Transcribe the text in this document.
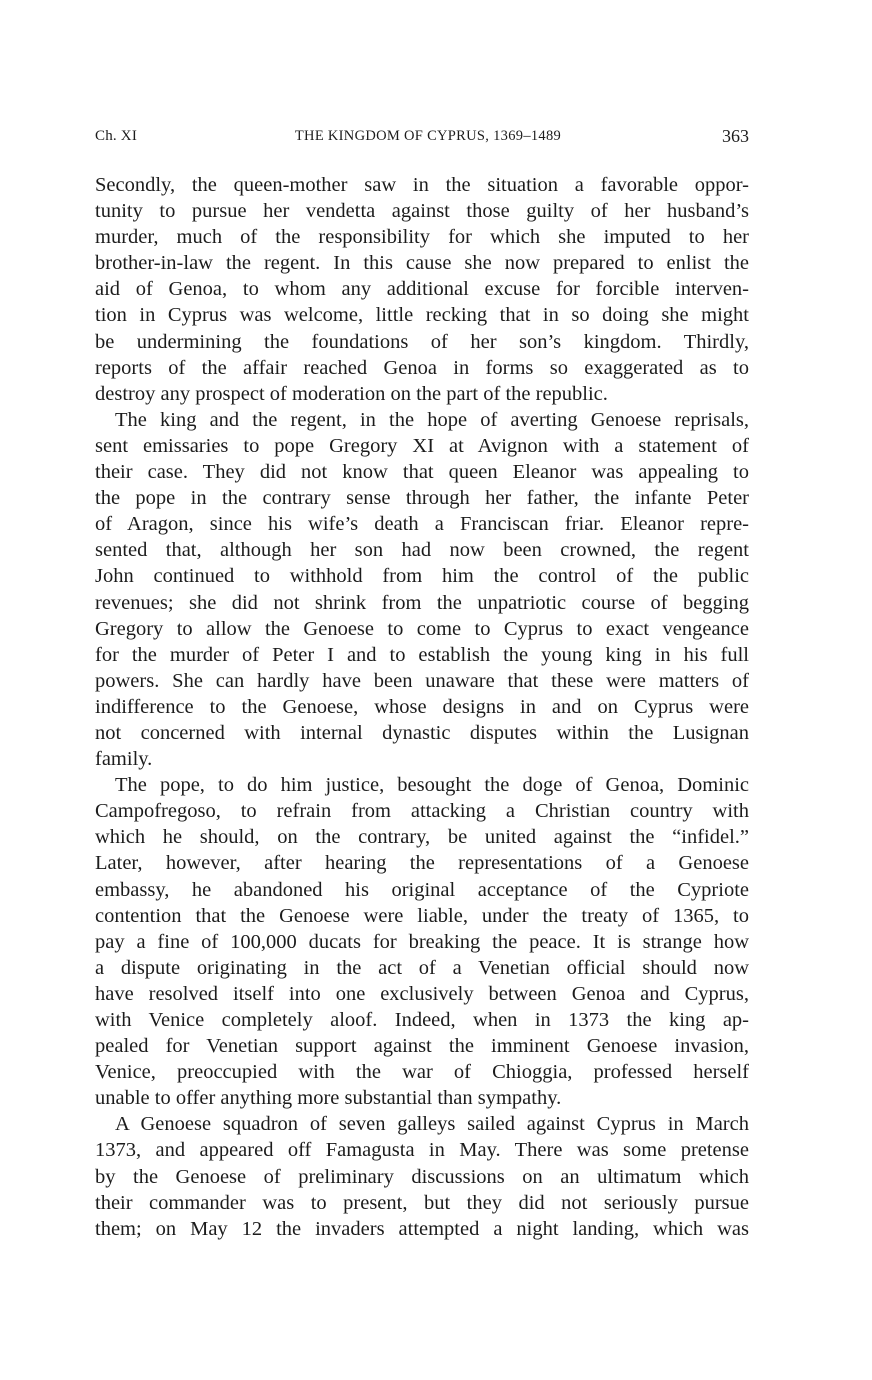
Ch. XI	THE KINGDOM OF CYPRUS, 1369–1489	363
Secondly, the queen-mother saw in the situation a favorable oppor-
tunity to pursue her vendetta against those guilty of her husband’s
murder, much of the responsibility for which she imputed to her
brother-in-law the regent. In this cause she now prepared to enlist the
aid of Genoa, to whom any additional excuse for forcible interven-
tion in Cyprus was welcome, little recking that in so doing she might
be undermining the foundations of her son’s kingdom. Thirdly,
reports of the affair reached Genoa in forms so exaggerated as to
destroy any prospect of moderation on the part of the republic.
The king and the regent, in the hope of averting Genoese reprisals,
sent emissaries to pope Gregory XI at Avignon with a statement of
their case. They did not know that queen Eleanor was appealing to
the pope in the contrary sense through her father, the infante Peter
of Aragon, since his wife’s death a Franciscan friar. Eleanor repre-
sented that, although her son had now been crowned, the regent
John continued to withhold from him the control of the public
revenues; she did not shrink from the unpatriotic course of begging
Gregory to allow the Genoese to come to Cyprus to exact vengeance
for the murder of Peter I and to establish the young king in his full
powers. She can hardly have been unaware that these were matters of
indifference to the Genoese, whose designs in and on Cyprus were
not concerned with internal dynastic disputes within the Lusignan
family.
The pope, to do him justice, besought the doge of Genoa, Dominic
Campofregoso, to refrain from attacking a Christian country with
which he should, on the contrary, be united against the “infidel.”
Later, however, after hearing the representations of a Genoese
embassy, he abandoned his original acceptance of the Cypriote
contention that the Genoese were liable, under the treaty of 1365, to
pay a fine of 100,000 ducats for breaking the peace. It is strange how
a dispute originating in the act of a Venetian official should now
have resolved itself into one exclusively between Genoa and Cyprus,
with Venice completely aloof. Indeed, when in 1373 the king ap-
pealed for Venetian support against the imminent Genoese invasion,
Venice, preoccupied with the war of Chioggia, professed herself
unable to offer anything more substantial than sympathy.
A Genoese squadron of seven galleys sailed against Cyprus in March
1373, and appeared off Famagusta in May. There was some pretense
by the Genoese of preliminary discussions on an ultimatum which
their commander was to present, but they did not seriously pursue
them; on May 12 the invaders attempted a night landing, which was
